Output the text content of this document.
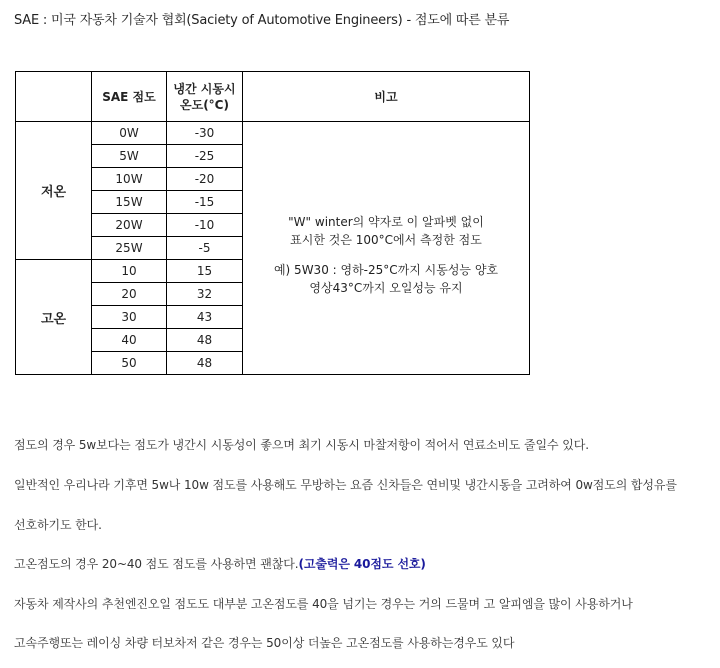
SAE : 미국 자동차 기술자 협회(Saciety of Automotive Engineers) - 점도에 따른 분류
	SAE 점도	냉간 시동시
온도(°C)	비고
저온	0W	-30	"W" winter의 약자로 이 알파벳 없이
표시한 것은 100°C에서 측정한 점도
예) 5W30 : 영하-25°C까지 시동성능 양호
영상43°C까지 오일성능 유지

	5W	-25	
	10W	-20	
	15W	-15	
	20W	-10	
	25W	-5	
고온	10	15	
	20	32	
	30	43	
	40	48	
	50	48	
점도의 경우 5w보다는 점도가 냉간시 시동성이 좋으며 최기 시동시 마찰저항이 적어서 연료소비도 줄일수 있다.
일반적인 우리나라 기후면 5w나 10w 점도를 사용해도 무방하는 요즘 신차들은 연비및 냉간시동을 고려하여 0w점도의 합성유를
선호하기도 한다.
고온점도의 경우 20~40 점도 점도를 사용하면 괜찮다.(고출력은 40점도 선호)
자동차 제작사의 추천엔진오일 점도도 대부분 고온점도를 40을 넘기는 경우는 거의 드물며 고 알피엠을 많이 사용하거나
고속주행또는 레이싱 차량 터보차저 같은 경우는 50이상 더높은 고온점도를 사용하는경우도 있다
